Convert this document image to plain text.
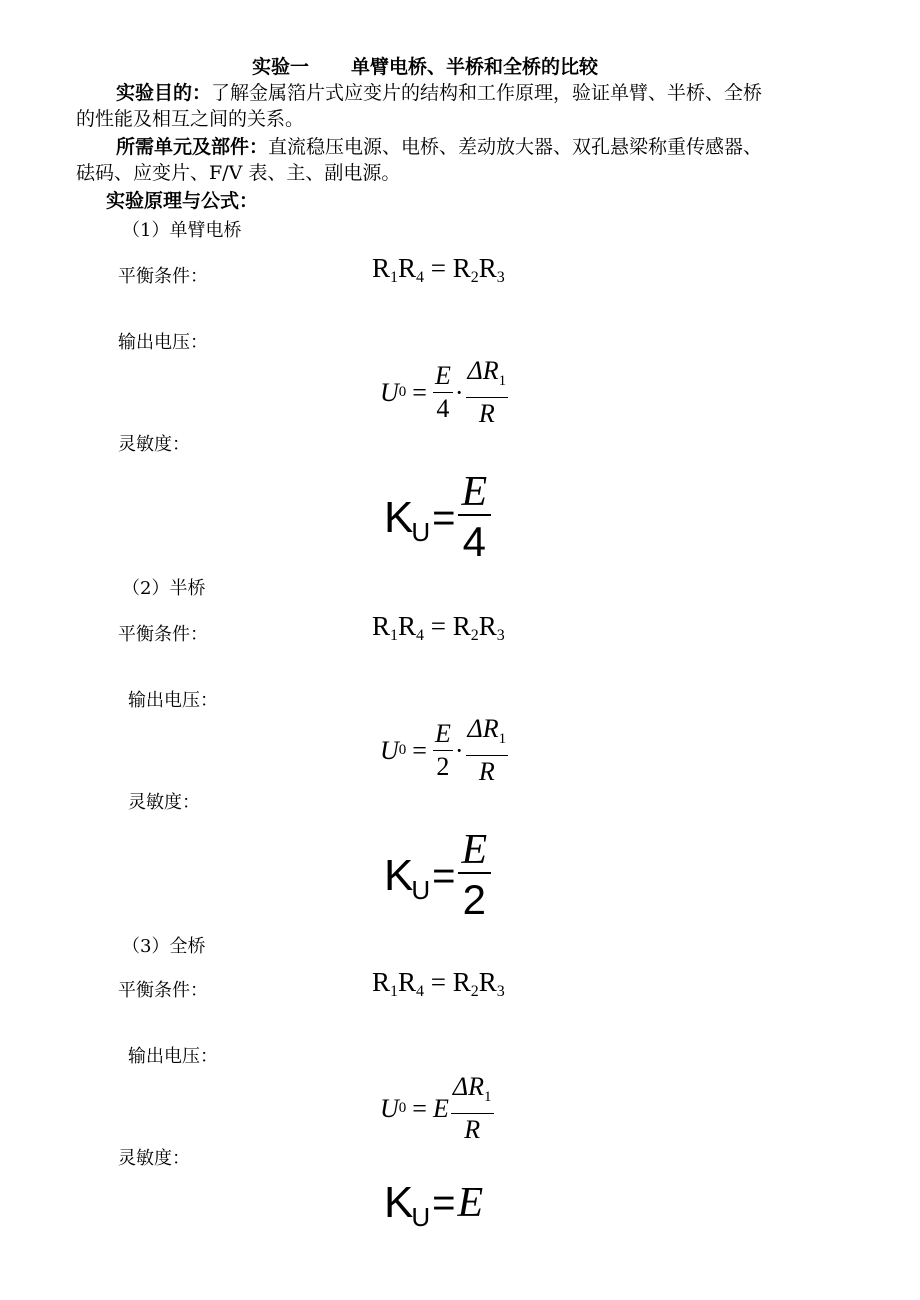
实验一 单臂电桥、半桥和全桥的比较
实验目的：了解金属箔片式应变片的结构和工作原理，验证单臂、半桥、全桥
的性能及相互之间的关系。
所需单元及部件：直流稳压电源、电桥、差动放大器、双孔悬梁称重传感器、
砝码、应变片、F/V 表、主、副电源。
实验原理与公式：
（1）单臂电桥
平衡条件：	$R_1R_4 = R_2R_3$
输出电压：
U $0 = \frac{E}{4} \cdot \frac{\Delta R_1}{R}$
灵敏度：
K
$U = \frac{E}{4}$
（2）半桥
平衡条件：	$R_1R_4 = R_2R_3$
输出电压：
U $0 = \frac{E}{2} \cdot \frac{\Delta R_1}{R}$
灵敏度：
K
$U = \frac{E}{2}$
（3）全桥
平衡条件：	$R_1R_4 = R_2R_3$
输出电压：
U 0 = E $\frac{\Delta R_1}{R}$
灵敏度：
K
U = E
